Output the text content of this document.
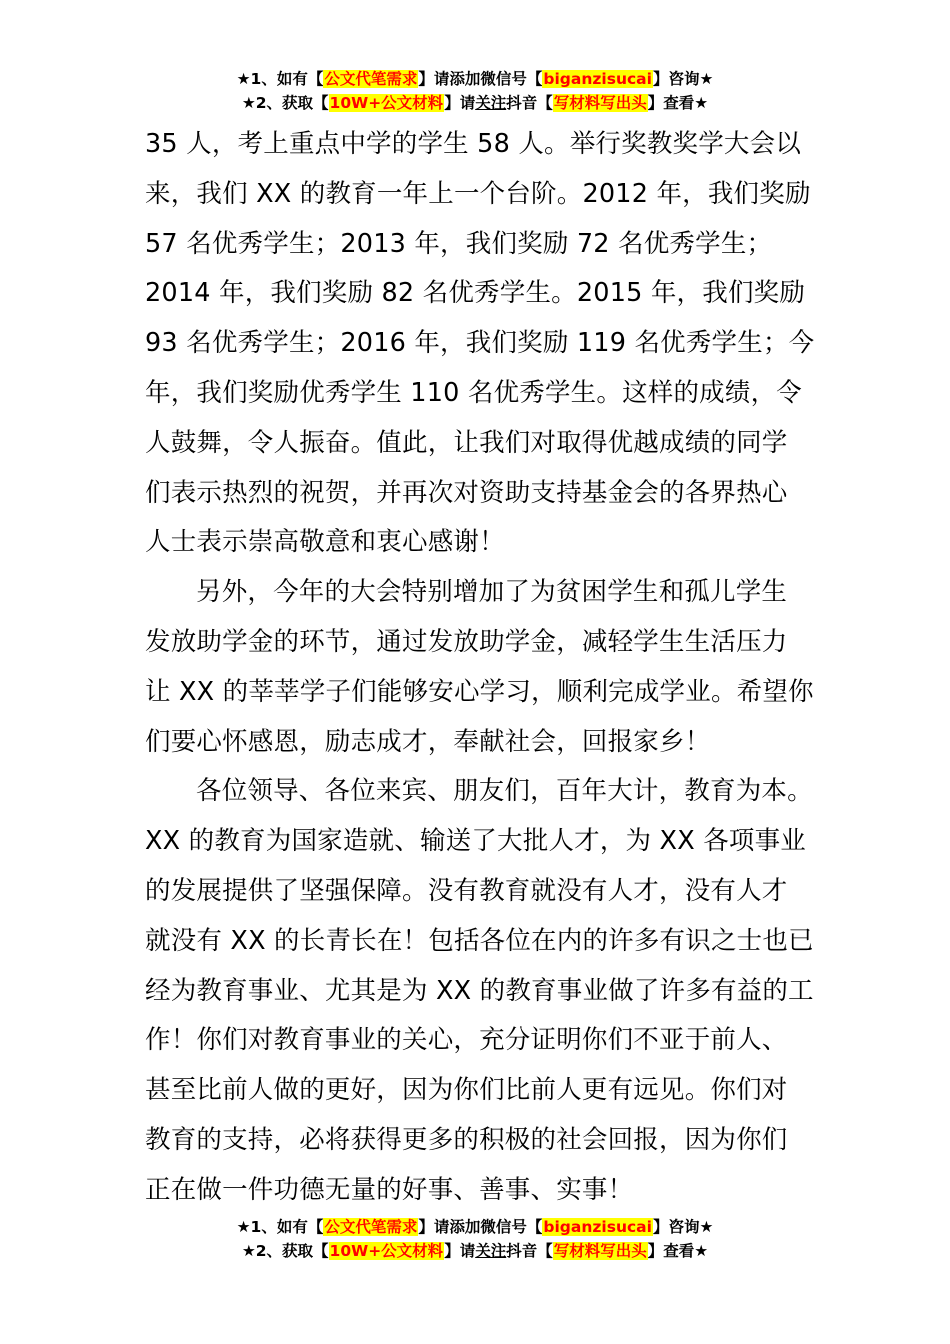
★1、如有【公文代笔需求】请添加微信号【biganzisucai】咨询★
★2、获取【10W+公文材料】请关注抖音【写材料写出头】查看★
35 人，考上重点中学的学生 58 人。举行奖教奖学大会以
来，我们 XX 的教育一年上一个台阶。2012 年，我们奖励
57 名优秀学生；2013 年，我们奖励 72 名优秀学生；
2014 年，我们奖励 82 名优秀学生。2015 年，我们奖励
93 名优秀学生；2016 年，我们奖励 119 名优秀学生；今
年，我们奖励优秀学生 110 名优秀学生。这样的成绩，令
人鼓舞，令人振奋。值此，让我们对取得优越成绩的同学
们表示热烈的祝贺，并再次对资助支持基金会的各界热心
人士表示崇高敬意和衷心感谢！
另外，今年的大会特别增加了为贫困学生和孤儿学生
发放助学金的环节，通过发放助学金，减轻学生生活压力
让 XX 的莘莘学子们能够安心学习，顺利完成学业。希望你
们要心怀感恩，励志成才，奉献社会，回报家乡！
各位领导、各位来宾、朋友们，百年大计，教育为本。
XX 的教育为国家造就、输送了大批人才，为 XX 各项事业
的发展提供了坚强保障。没有教育就没有人才，没有人才
就没有 XX 的长青长在！包括各位在内的许多有识之士也已
经为教育事业、尤其是为 XX 的教育事业做了许多有益的工
作！你们对教育事业的关心，充分证明你们不亚于前人、
甚至比前人做的更好，因为你们比前人更有远见。你们对
教育的支持，必将获得更多的积极的社会回报，因为你们
正在做一件功德无量的好事、善事、实事！
★1、如有【公文代笔需求】请添加微信号【biganzisucai】咨询★
★2、获取【10W+公文材料】请关注抖音【写材料写出头】查看★
